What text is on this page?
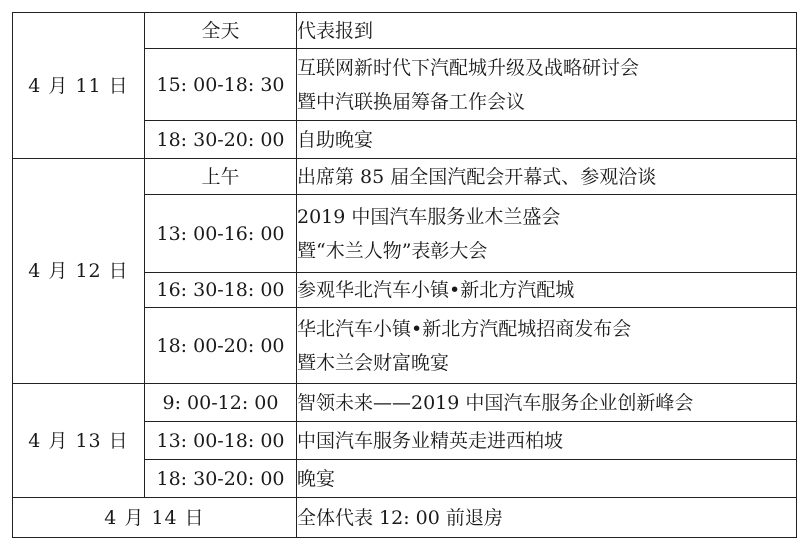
4 月 11 日	全天	代表报到

	15: 00-18: 30	互联网新时代下汽配城升级及战略研讨会
暨中汽联换届筹备工作会议

	18: 30-20: 00	自助晚宴

4 月 12 日	上午	出席第 85 届全国汽配会开幕式、参观洽谈

	13: 00-16: 00	2019 中国汽车服务业木兰盛会
暨“木兰人物”表彰大会

	16: 30-18: 00	参观华北汽车小镇•新北方汽配城

	18: 00-20: 00	华北汽车小镇•新北方汽配城招商发布会
暨木兰会财富晚宴

4 月 13 日	9: 00-12: 00	智领未来——2019 中国汽车服务企业创新峰会

	13: 00-18: 00	中国汽车服务业精英走进西柏坡

	18: 30-20: 00	晚宴

4 月 14 日		全体代表 12: 00 前退房
